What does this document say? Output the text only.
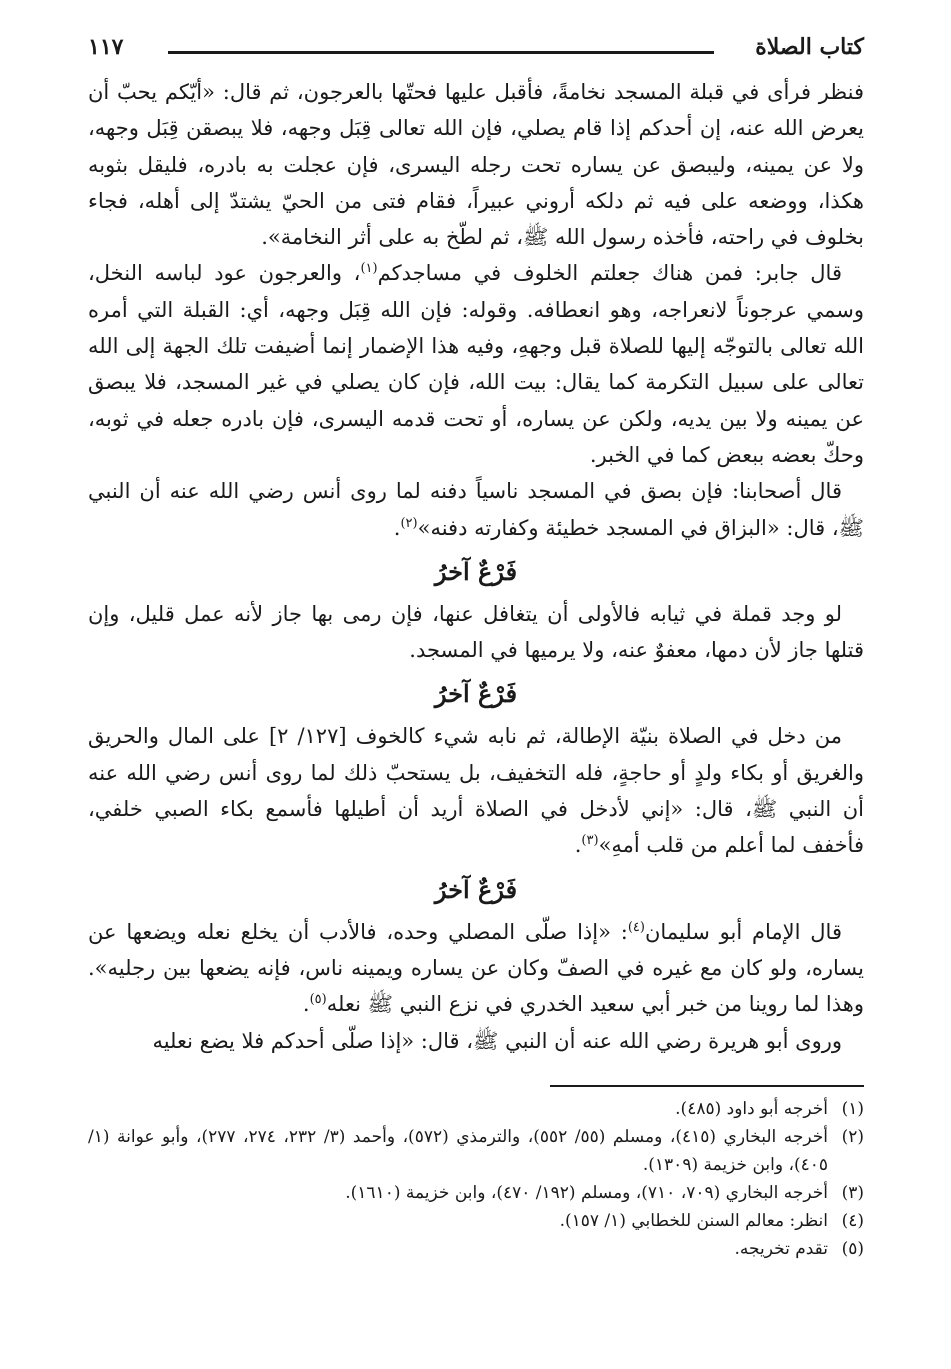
كتاب الصلاة
١١٧

فنظر فرأى في قبلة المسجد نخامةً، فأقبل عليها فحتّها بالعرجون، ثم قال: «أيّكم يحبّ أن يعرض الله عنه، إن أحدكم إذا قام يصلي، فإن الله تعالى قِبَل وجهه، فلا يبصقن قِبَل وجهه، ولا عن يمينه، وليبصق عن يساره تحت رجله اليسرى، فإن عجلت به بادره، فليقل بثوبه هكذا، ووضعه على فيه ثم دلكه أروني عبيراً، فقام فتى من الحيّ يشتدّ إلى أهله، فجاء بخلوف في راحته، فأخذه رسول الله ﷺ، ثم لطّخ به على أثر النخامة».

قال جابر: فمن هناك جعلتم الخلوف في مساجدكم$^{(١)}$، والعرجون عود لباسه النخل، وسمي عرجوناً لانعراجه، وهو انعطافه. وقوله: فإن الله قِبَل وجهه، أي: القبلة التي أمره الله تعالى بالتوجّه إليها للصلاة قبل وجههِ، وفيه هذا الإضمار إنما أضيفت تلك الجهة إلى الله تعالى على سبيل التكرمة كما يقال: بيت الله، فإن كان يصلي في غير المسجد، فلا يبصق عن يمينه ولا بين يديه، ولكن عن يساره، أو تحت قدمه اليسرى، فإن بادره جعله في ثوبه، وحكّ بعضه ببعض كما في الخبر.

قال أصحابنا: فإن بصق في المسجد ناسياً دفنه لما روى أنس رضي الله عنه أن النبي ﷺ، قال: «البزاق في المسجد خطيئة وكفارته دفنه»$^{(٢)}$.

فَرْعٌ آخرُ

لو وجد قملة في ثيابه فالأولى أن يتغافل عنها، فإن رمى بها جاز لأنه عمل قليل، وإن قتلها جاز لأن دمها، معفوٌ عنه، ولا يرميها في المسجد.

فَرْعٌ آخرُ

من دخل في الصلاة بنيّة الإطالة، ثم نابه شيء كالخوف [١٢٧/ ٢] على المال والحريق والغريق أو بكاء ولدٍ أو حاجةٍ، فله التخفيف، بل يستحبّ ذلك لما روى أنس رضي الله عنه أن النبي ﷺ، قال: «إني لأدخل في الصلاة أريد أن أطيلها فأسمع بكاء الصبي خلفي، فأخفف لما أعلم من قلب أمهِ»$^{(٣)}$.

فَرْعٌ آخرُ

قال الإمام أبو سليمان$^{(٤)}$: «إذا صلّى المصلي وحده، فالأدب أن يخلع نعله ويضعها عن يساره، ولو كان مع غيره في الصفّ وكان عن يساره ويمينه ناس، فإنه يضعها بين رجليه». وهذا لما روينا من خبر أبي سعيد الخدري في نزع النبي ﷺ نعله$^{(٥)}$.

وروى أبو هريرة رضي الله عنه أن النبي ﷺ، قال: «إذا صلّى أحدكم فلا يضع نعليه

(١)
أخرجه أبو داود (٤٨٥).
(٢)
أخرجه البخاري (٤١٥)، ومسلم (٥٥/ ٥٥٢)، والترمذي (٥٧٢)، وأحمد (٣/ ٢٣٢، ٢٧٤، ٢٧٧)، وأبو عوانة (١/ ٤٠٥)، وابن خزيمة (١٣٠٩).
(٣)
أخرجه البخاري (٧٠٩، ٧١٠)، ومسلم (١٩٢/ ٤٧٠)، وابن خزيمة (١٦١٠).
(٤)
انظر: معالم السنن للخطابي (١/ ١٥٧).
(٥)
تقدم تخريجه.
